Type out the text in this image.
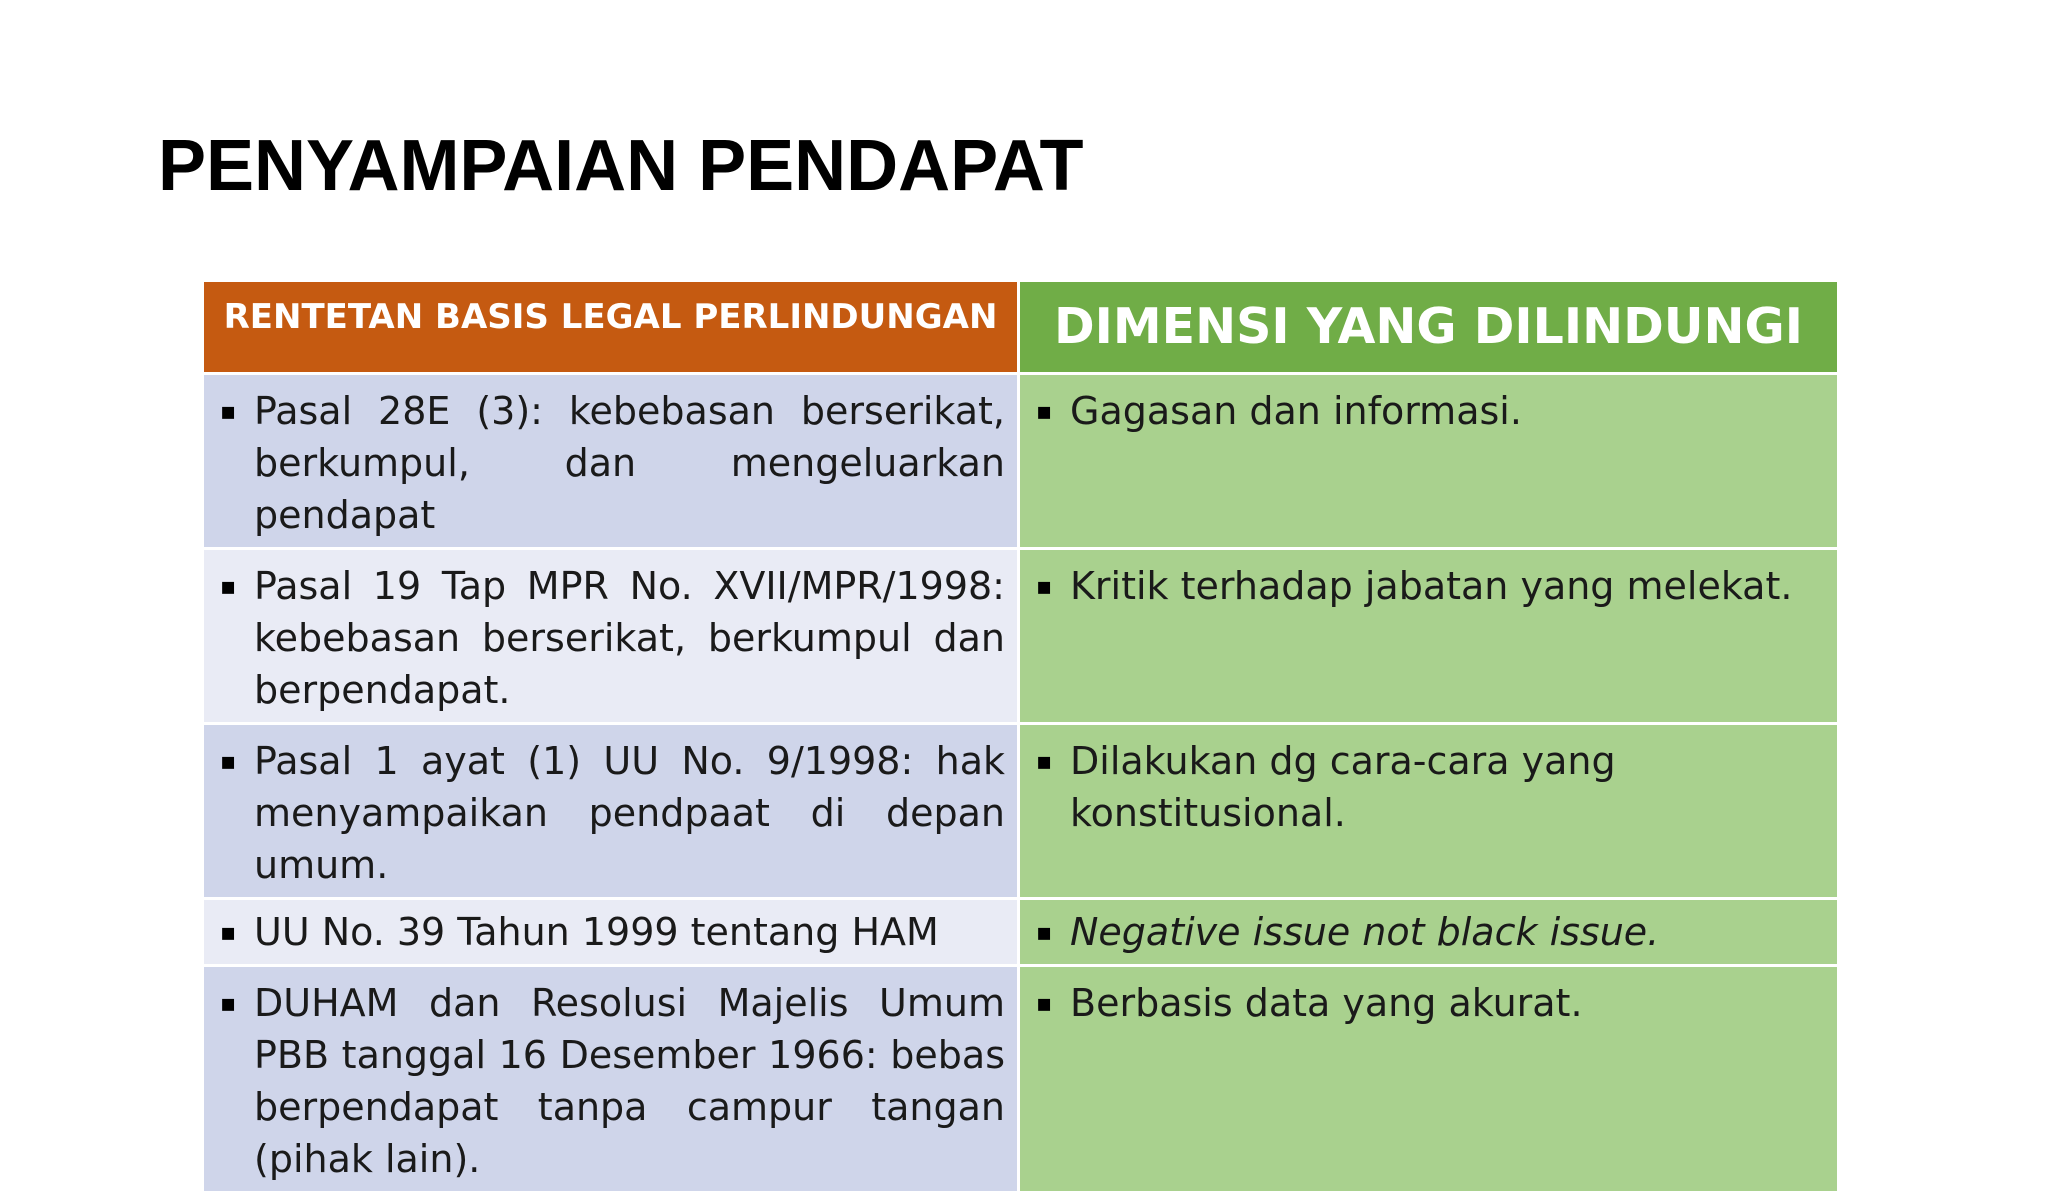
PENYAMPAIAN PENDAPAT
RENTETAN BASIS LEGAL PERLINDUNGAN	DIMENSI YANG DILINDUNGI

▪ Pasal 28E (3): kebebasan berserikat, berkumpul, dan mengeluarkan pendapat	▪ Gagasan dan informasi.

▪ Pasal 19 Tap MPR No. XVII/MPR/1998: kebebasan berserikat, berkumpul dan berpendapat.	▪ Kritik terhadap jabatan yang melekat.

▪ Pasal 1 ayat (1) UU No. 9/1998: hak menyampaikan pendpaat di depan umum.	▪ Dilakukan dg cara-cara yang konstitusional.

▪ UU No. 39 Tahun 1999 tentang HAM	▪ Negative issue not black issue.

▪ DUHAM dan Resolusi Majelis Umum PBB tanggal 16 Desember 1966: bebas berpendapat tanpa campur tangan (pihak lain).	▪ Berbasis data yang akurat.
